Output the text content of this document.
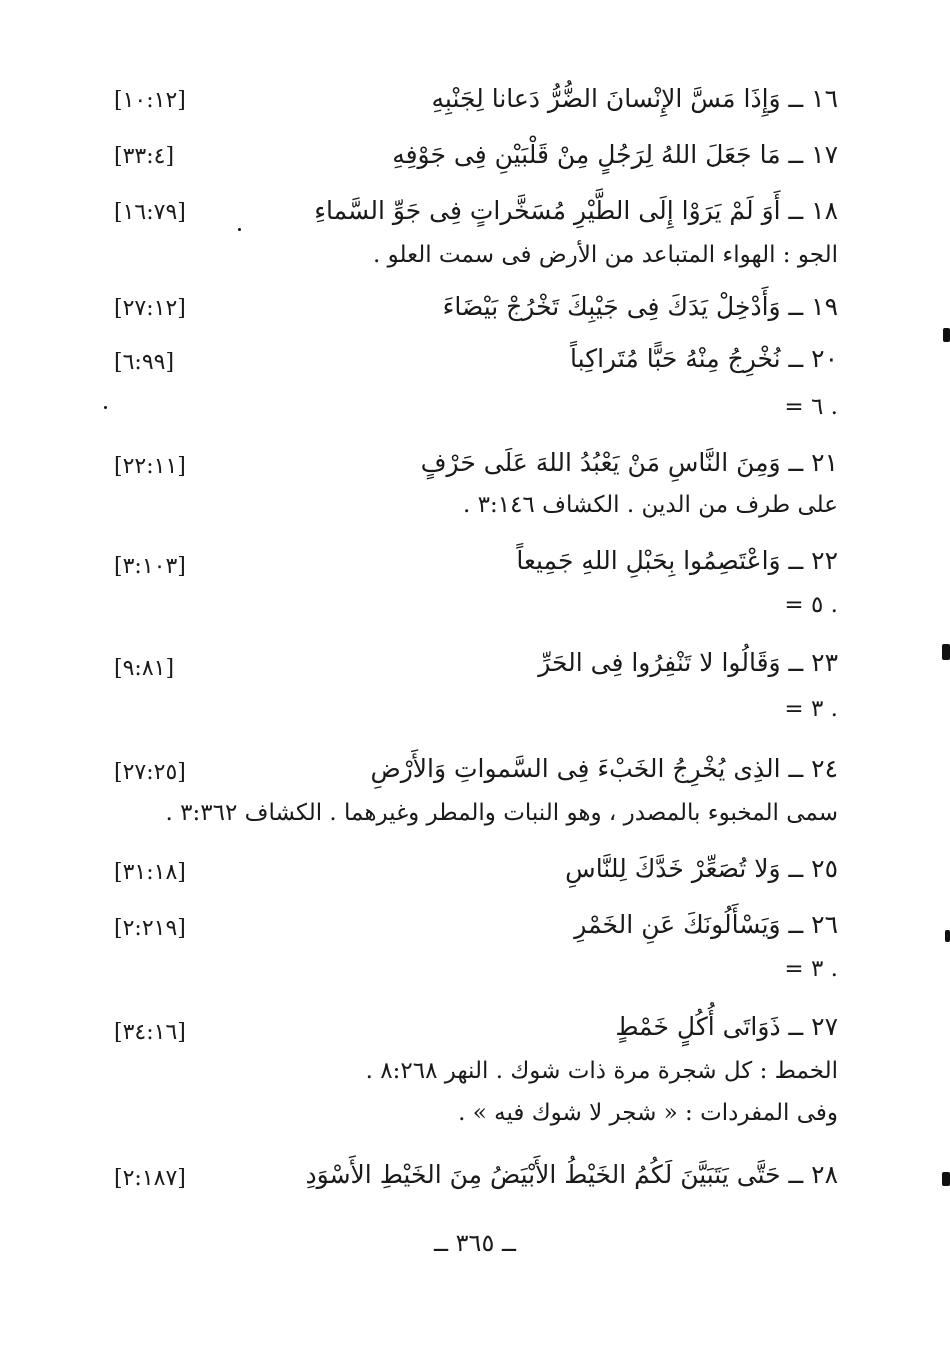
١٦ ــ وَإِذَا مَسَّ الإِنْسانَ الضُّرُّ دَعانا لِجَنْبِهِ
[١٠:١٢]
١٧ ــ مَا جَعَلَ اللهُ لِرَجُلٍ مِنْ قَلْبَيْنِ فِى جَوْفِهِ
[٣٣:٤]
١٨ ــ أَوَ لَمْ يَرَوْا إِلَى الطَّيْرِ مُسَخَّراتٍ فِى جَوِّ السَّماءِ
[١٦:٧٩]
الجو : الهواء المتباعد من الأرض فى سمت العلو .
١٩ ــ وَأَدْخِلْ يَدَكَ فِى جَيْبِكَ تَخْرُجْ بَيْضَاءَ
[٢٧:١٢]
٢٠ ــ نُخْرِجُ مِنْهُ حَبًّا مُتَراكِباً
[٦:٩٩]
= ٦ .
٢١ ــ وَمِنَ النَّاسِ مَنْ يَعْبُدُ اللهَ عَلَى حَرْفٍ
[٢٢:١١]
على طرف من الدين . الكشاف ٣:١٤٦ .
٢٢ ــ وَاعْتَصِمُوا بِحَبْلِ اللهِ جَمِيعاً
[٣:١٠٣]
= ٥ .
٢٣ ــ وَقَالُوا لا تَنْفِرُوا فِى الحَرِّ
[٩:٨١]
= ٣ .
٢٤ ــ الذِى يُخْرِجُ الخَبْءَ فِى السَّمواتِ وَالأَرْضِ
[٢٧:٢٥]
سمى المخبوء بالمصدر ، وهو النبات والمطر وغيرهما . الكشاف ٣:٣٦٢ .
٢٥ ــ وَلا تُصَعِّرْ خَدَّكَ لِلنَّاسِ
[٣١:١٨]
٢٦ ــ وَيَسْأَلُونَكَ عَنِ الخَمْرِ
[٢:٢١٩]
= ٣ .
٢٧ ــ ذَوَاتَى أُكُلٍ خَمْطٍ
[٣٤:١٦]
الخمط : كل شجرة مرة ذات شوك . النهر ٨:٢٦٨ .
وفى المفردات : « شجر لا شوك فيه » .
٢٨ ــ حَتَّى يَتَبَيَّنَ لَكُمُ الخَيْطُ الأَبْيَضُ مِنَ الخَيْطِ الأَسْوَدِ
[٢:١٨٧]
ــ ٣٦٥ ــ
